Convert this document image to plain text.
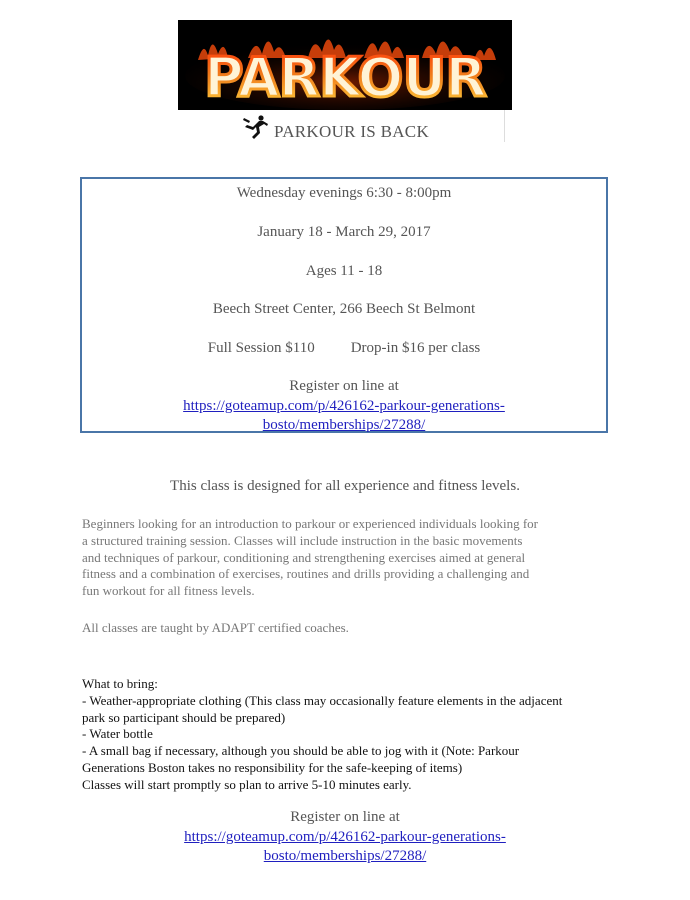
PARKOUR
PARKOUR IS BACK
Wednesday evenings 6:30 - 8:00pm
January 18 - March 29, 2017
Ages 11 - 18
Beech Street Center, 266 Beech St Belmont
Full Session $110 Drop-in $16 per class
Register on line at
https://goteamup.com/p/426162-parkour-generations-
bosto/memberships/27288/
This class is designed for all experience and fitness levels.
Beginners looking for an introduction to parkour or experienced individuals looking for
a structured training session. Classes will include instruction in the basic movements
and techniques of parkour, conditioning and strengthening exercises aimed at general
fitness and a combination of exercises, routines and drills providing a challenging and
fun workout for all fitness levels.
All classes are taught by ADAPT certified coaches.
What to bring:
- Weather-appropriate clothing (This class may occasionally feature elements in the adjacent
park so participant should be prepared)
- Water bottle
- A small bag if necessary, although you should be able to jog with it (Note: Parkour
Generations Boston takes no responsibility for the safe-keeping of items)
Classes will start promptly so plan to arrive 5-10 minutes early.
Register on line at
https://goteamup.com/p/426162-parkour-generations-
bosto/memberships/27288/
